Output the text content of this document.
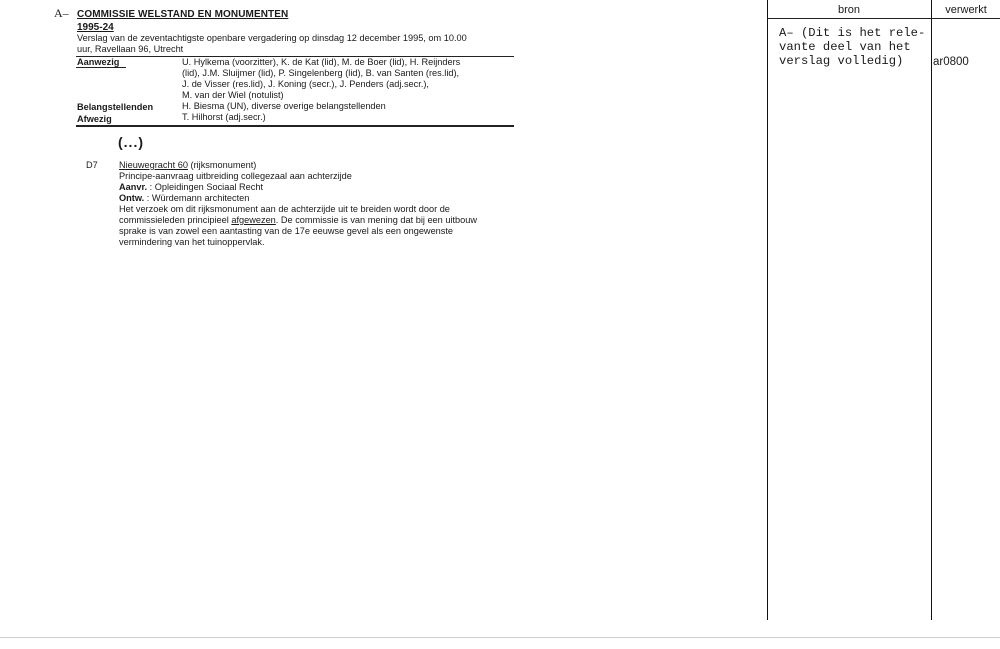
A– COMMISSIE WELSTAND EN MONUMENTEN
1995-24
Verslag van de zeventachtigste openbare vergadering op dinsdag 12 december 1995, om 10.00
uur, Ravellaan 96, Utrecht
Aanwezig	U. Hylkema (voorzitter), K. de Kat (lid), M. de Boer (lid), H. Reijnders
(lid), J.M. Sluijmer (lid), P. Singelenberg (lid), B. van Santen (res.lid),
J. de Visser (res.lid), J. Koning (secr.), J. Penders (adj.secr.),
M. van der Wiel (notulist)
Belangstellenden	H. Biesma (UN), diverse overige belangstellenden
Afwezig	T. Hilhorst (adj.secr.)
(...)
D7 Nieuwegracht 60 (rijksmonument)
Principe-aanvraag uitbreiding collegezaal aan achterzijde
Aanvr. : Opleidingen Sociaal Recht
Ontw. : Würdemann architecten
Het verzoek om dit rijksmonument aan de achterzijde uit te breiden wordt door de
commissieleden principieel afgewezen. De commissie is van mening dat bij een uitbouw
sprake is van zowel een aantasting van de 17e eeuwse gevel als een ongewenste
vermindering van het tuinoppervlak.
bron	verwerkt
A– (Dit is het rele-
vante deel van het
verslag volledig)	ar0800
